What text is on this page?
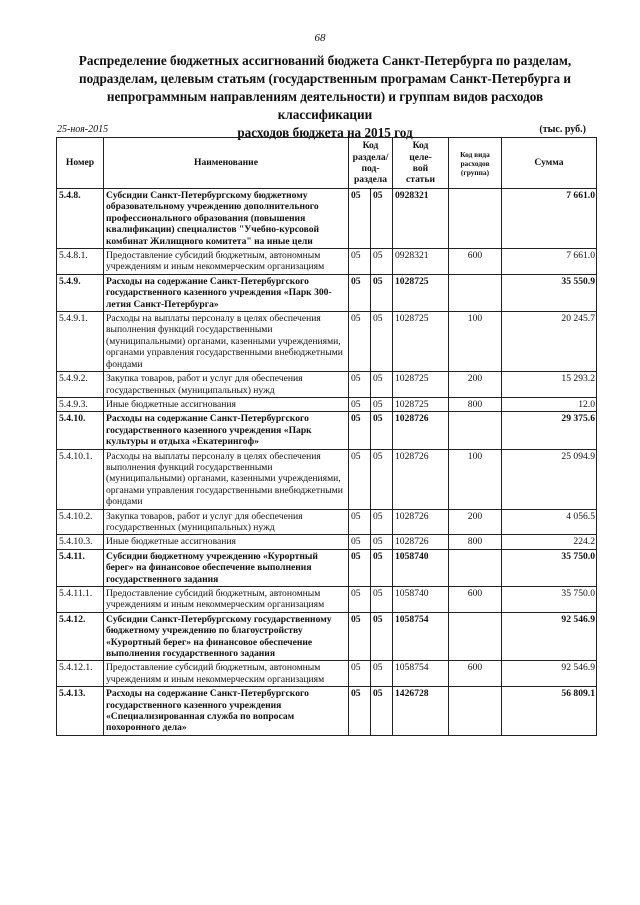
68
Распределение бюджетных ассигнований бюджета Санкт-Петербурга по разделам,
подразделам, целевым статьям (государственным програмам Санкт-Петербурга и
непрограммным направлениям деятельности) и группам видов расходов классификации
расходов бюджета на 2015 год
25-ноя-2015	(тыс. руб.)
Номер	Наименование	Код
раздела/
под-
раздела		Код
целе-
вой
статьи	Код вида
расходов
(группа)	Сумма
5.4.8.	Субсидии Санкт-Петербургскому бюджетному образовательному учреждению дополнительного профессионального образования (повышения квалификации) специалистов "Учебно-курсовой комбинат Жилищного комитета" на иные цели	05	05	0928321		7 661.0
5.4.8.1.	Предоставление субсидий бюджетным, автономным учреждениям и иным некоммерческим организациям	05	05	0928321	600	7 661.0
5.4.9.	Расходы на содержание Санкт-Петербургского государственного казенного учреждения «Парк 300-летия Санкт-Петербурга»	05	05	1028725		35 550.9
5.4.9.1.	Расходы на выплаты персоналу в целях обеспечения выполнения функций государственными (муниципальными) органами, казенными учреждениями, органами управления государственными внебюджетными фондами	05	05	1028725	100	20 245.7
5.4.9.2.	Закупка товаров, работ и услуг для обеспечения государственных (муниципальных) нужд	05	05	1028725	200	15 293.2
5.4.9.3.	Иные бюджетные ассигнования	05	05	1028725	800	12.0
5.4.10.	Расходы на содержание Санкт-Петербургского государственного казенного учреждения «Парк культуры и отдыха «Екатерингоф»	05	05	1028726		29 375.6
5.4.10.1.	Расходы на выплаты персоналу в целях обеспечения выполнения функций государственными (муниципальными) органами, казенными учреждениями, органами управления государственными внебюджетными фондами	05	05	1028726	100	25 094.9
5.4.10.2.	Закупка товаров, работ и услуг для обеспечения государственных (муниципальных) нужд	05	05	1028726	200	4 056.5
5.4.10.3.	Иные бюджетные ассигнования	05	05	1028726	800	224.2
5.4.11.	Субсидии бюджетному учреждению «Курортный берег» на финансовое обеспечение выполнения государственного задания	05	05	1058740		35 750.0
5.4.11.1.	Предоставление субсидий бюджетным, автономным учреждениям и иным некоммерческим организациям	05	05	1058740	600	35 750.0
5.4.12.	Субсидии Санкт-Петербургскому государственному бюджетному учреждению по благоустройству «Курортный берег» на финансовое обеспечение выполнения государственного задания	05	05	1058754		92 546.9
5.4.12.1.	Предоставление субсидий бюджетным, автономным учреждениям и иным некоммерческим организациям	05	05	1058754	600	92 546.9
5.4.13.	Расходы на содержание Санкт-Петербургского государственного казенного учреждения «Специализированная служба по вопросам похоронного дела»	05	05	1426728		56 809.1
